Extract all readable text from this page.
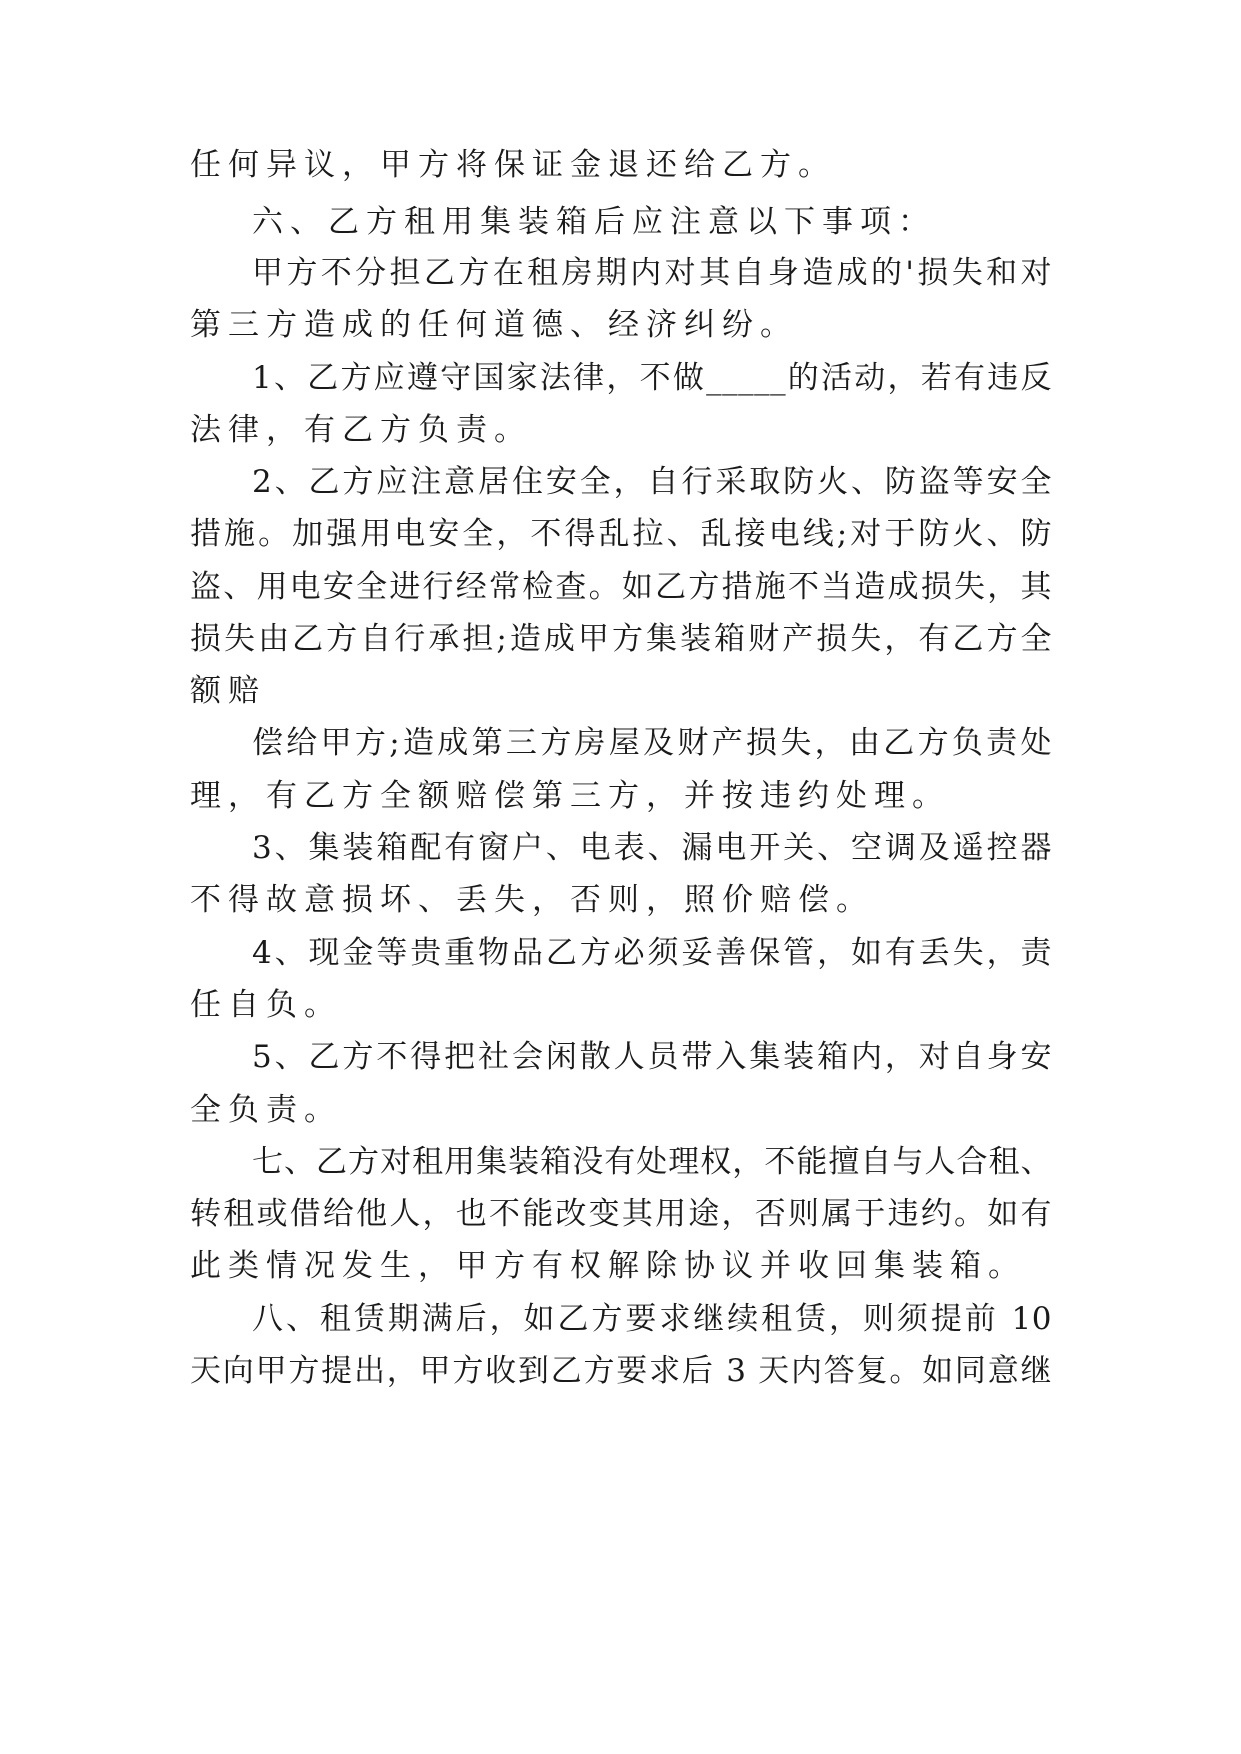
任何异议，甲方将保证金退还给乙方。
六、乙方租用集装箱后应注意以下事项：
甲方不分担乙方在租房期内对其自身造成的'损失和对
第三方造成的任何道德、经济纠纷。
1、乙方应遵守国家法律，不做_____的活动，若有违反
法律，有乙方负责。
2、乙方应注意居住安全，自行采取防火、防盗等安全
措施。加强用电安全，不得乱拉、乱接电线;对于防火、防
盗、用电安全进行经常检查。如乙方措施不当造成损失，其
损失由乙方自行承担;造成甲方集装箱财产损失，有乙方全
额赔
偿给甲方;造成第三方房屋及财产损失，由乙方负责处
理，有乙方全额赔偿第三方，并按违约处理。
3、集装箱配有窗户、电表、漏电开关、空调及遥控器
不得故意损坏、丢失，否则，照价赔偿。
4、现金等贵重物品乙方必须妥善保管，如有丢失，责
任自负。
5、乙方不得把社会闲散人员带入集装箱内，对自身安
全负责。
七、乙方对租用集装箱没有处理权，不能擅自与人合租、
转租或借给他人，也不能改变其用途，否则属于违约。如有
此类情况发生，甲方有权解除协议并收回集装箱。
八、租赁期满后，如乙方要求继续租赁，则须提前 10
天向甲方提出，甲方收到乙方要求后 3 天内答复。如同意继
